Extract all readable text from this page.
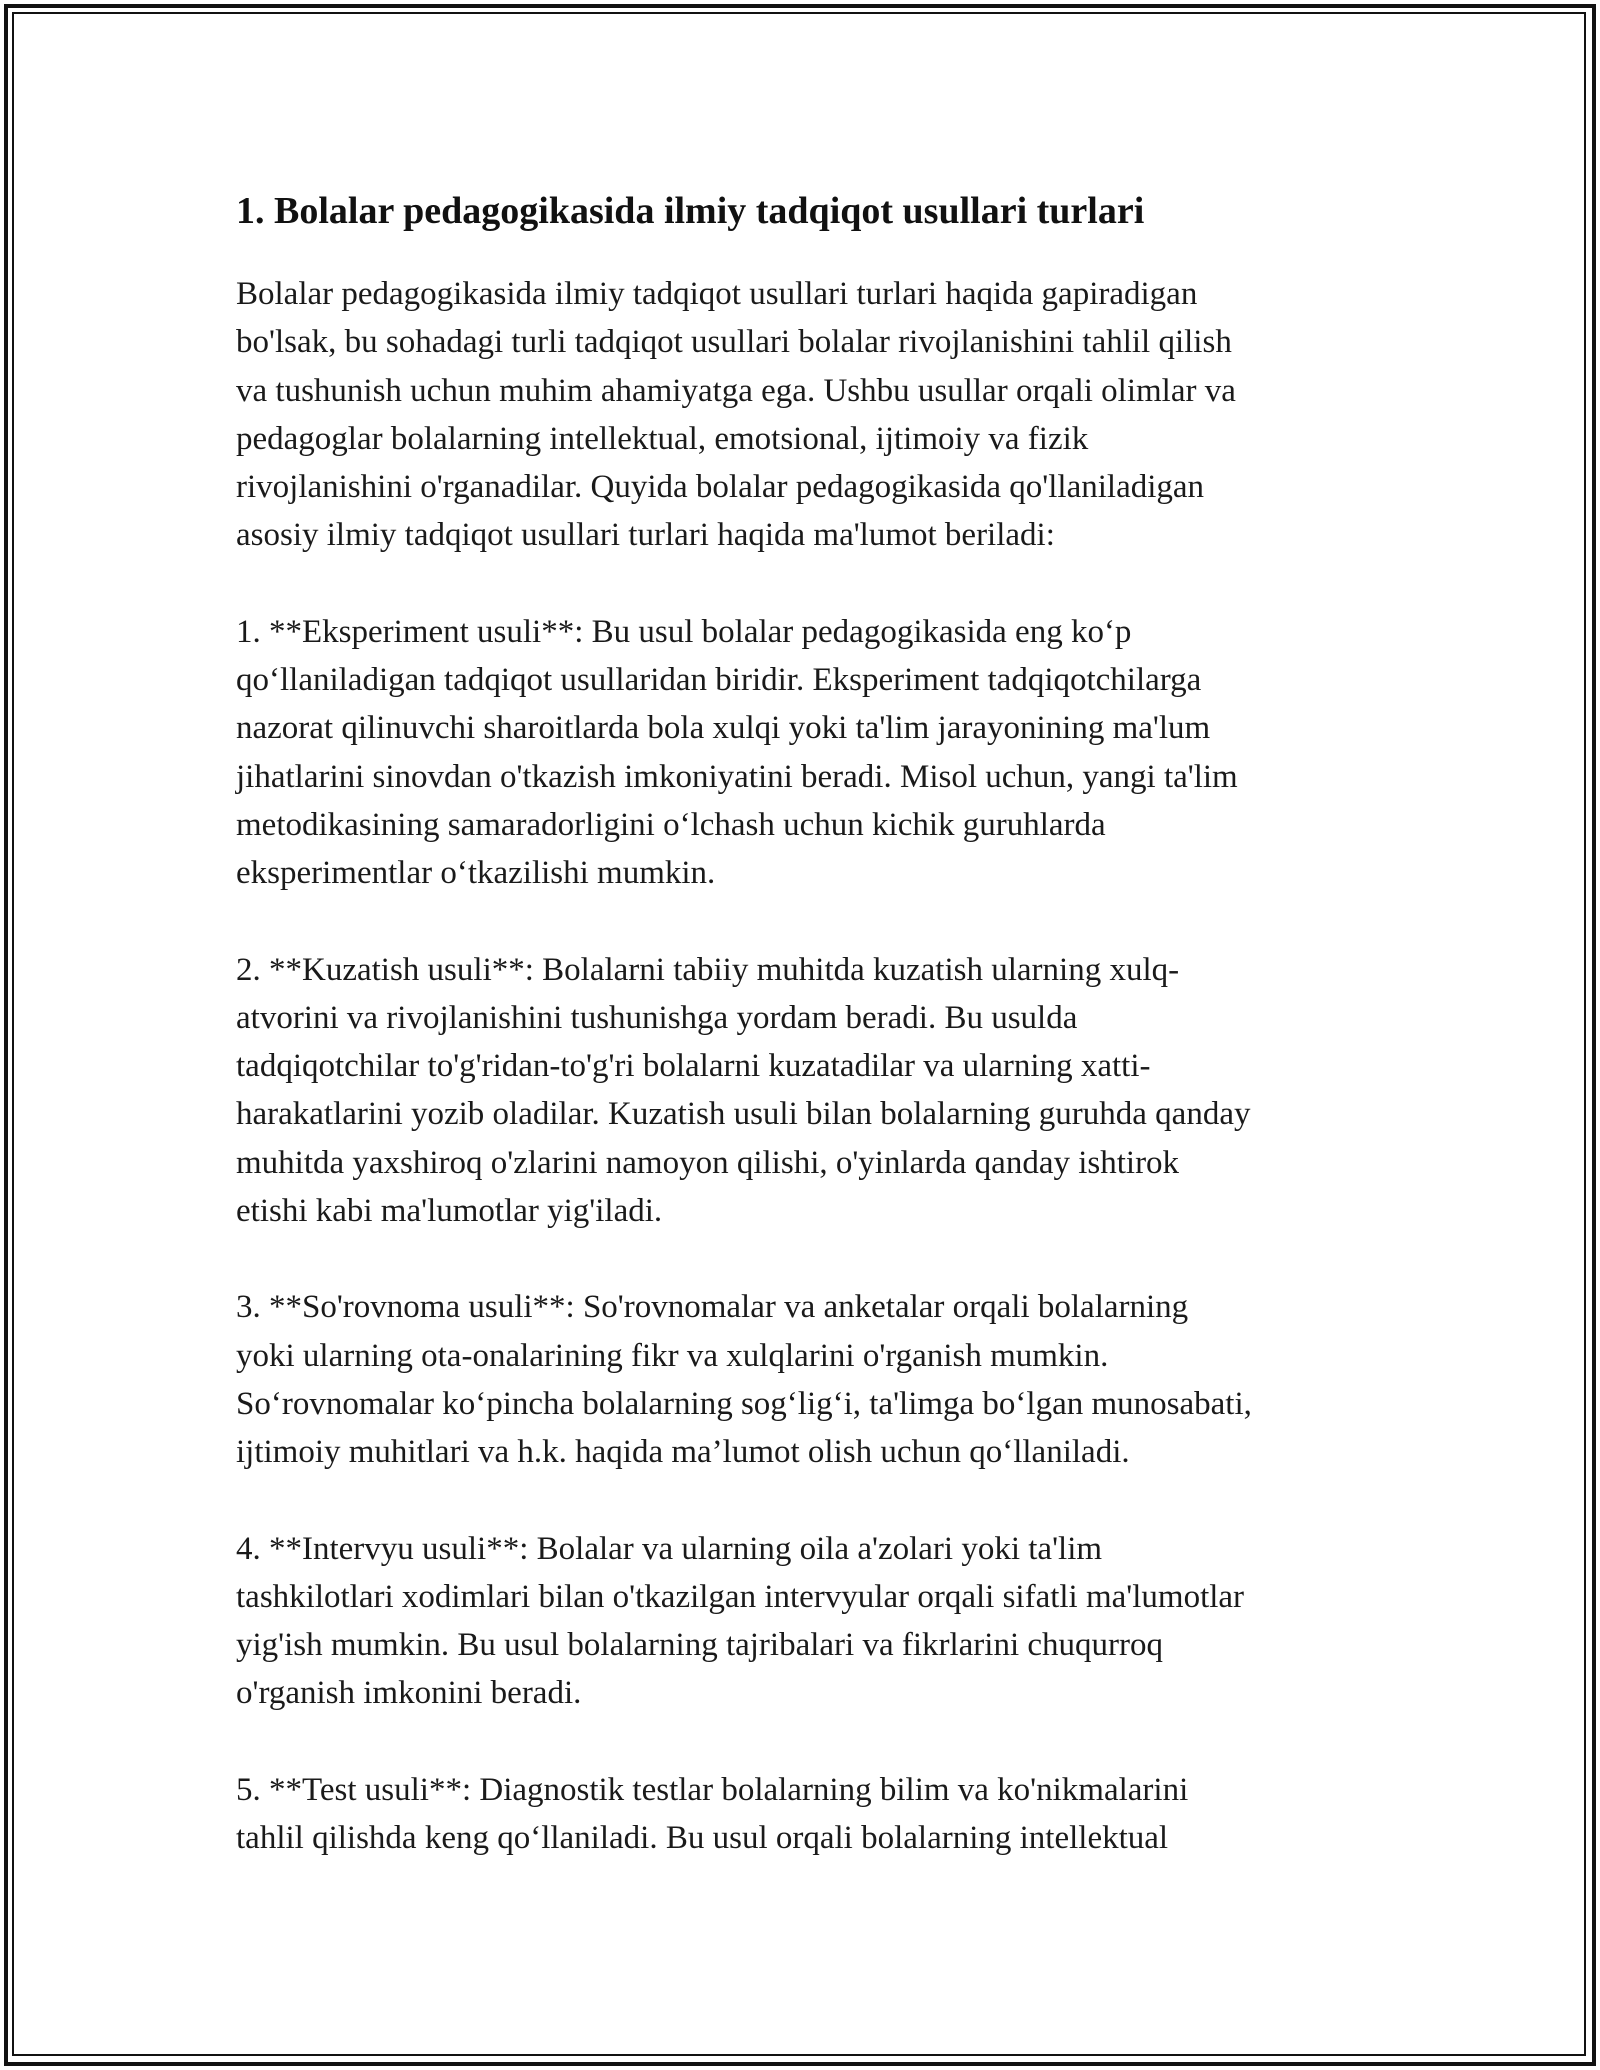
1. Bolalar pedagogikasida ilmiy tadqiqot usullari turlari

Bolalar pedagogikasida ilmiy tadqiqot usullari turlari haqida gapiradigan
bo'lsak, bu sohadagi turli tadqiqot usullari bolalar rivojlanishini tahlil qilish
va tushunish uchun muhim ahamiyatga ega. Ushbu usullar orqali olimlar va
pedagoglar bolalarning intellektual, emotsional, ijtimoiy va fizik
rivojlanishini o'rganadilar. Quyida bolalar pedagogikasida qo'llaniladigan
asosiy ilmiy tadqiqot usullari turlari haqida ma'lumot beriladi:

1. **Eksperiment usuli**: Bu usul bolalar pedagogikasida eng ko‘p
qo‘llaniladigan tadqiqot usullaridan biridir. Eksperiment tadqiqotchilarga
nazorat qilinuvchi sharoitlarda bola xulqi yoki ta'lim jarayonining ma'lum
jihatlarini sinovdan o'tkazish imkoniyatini beradi. Misol uchun, yangi ta'lim
metodikasining samaradorligini o‘lchash uchun kichik guruhlarda
eksperimentlar o‘tkazilishi mumkin.

2. **Kuzatish usuli**: Bolalarni tabiiy muhitda kuzatish ularning xulq-
atvorini va rivojlanishini tushunishga yordam beradi. Bu usulda
tadqiqotchilar to'g'ridan-to'g'ri bolalarni kuzatadilar va ularning xatti-
harakatlarini yozib oladilar. Kuzatish usuli bilan bolalarning guruhda qanday
muhitda yaxshiroq o'zlarini namoyon qilishi, o'yinlarda qanday ishtirok
etishi kabi ma'lumotlar yig'iladi.

3. **So'rovnoma usuli**: So'rovnomalar va anketalar orqali bolalarning
yoki ularning ota-onalarining fikr va xulqlarini o'rganish mumkin.
So‘rovnomalar ko‘pincha bolalarning sog‘lig‘i, ta'limga bo‘lgan munosabati,
ijtimoiy muhitlari va h.k. haqida ma’lumot olish uchun qo‘llaniladi.

4. **Intervyu usuli**: Bolalar va ularning oila a'zolari yoki ta'lim
tashkilotlari xodimlari bilan o'tkazilgan intervyular orqali sifatli ma'lumotlar
yig'ish mumkin. Bu usul bolalarning tajribalari va fikrlarini chuqurroq
o'rganish imkonini beradi.

5. **Test usuli**: Diagnostik testlar bolalarning bilim va ko'nikmalarini
tahlil qilishda keng qo‘llaniladi. Bu usul orqali bolalarning intellektual
